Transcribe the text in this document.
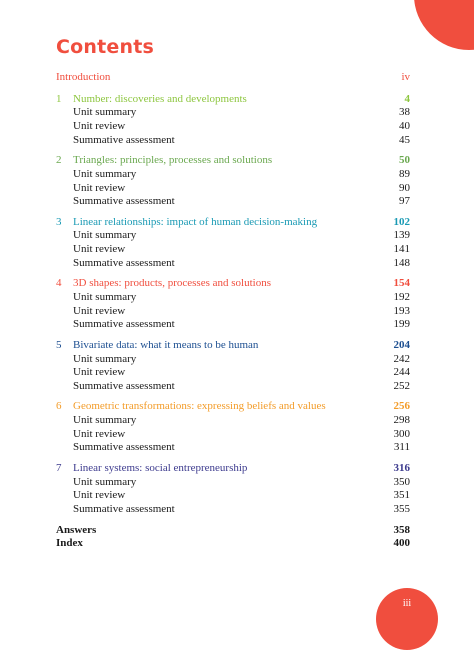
Contents
Introduction	iv
1	Number: discoveries and developments	4
Unit summary	38
Unit review	40
Summative assessment	45
2	Triangles: principles, processes and solutions	50
Unit summary	89
Unit review	90
Summative assessment	97
3	Linear relationships: impact of human decision-making	102
Unit summary	139
Unit review	141
Summative assessment	148
4	3D shapes: products, processes and solutions	154
Unit summary	192
Unit review	193
Summative assessment	199
5	Bivariate data: what it means to be human	204
Unit summary	242
Unit review	244
Summative assessment	252
6	Geometric transformations: expressing beliefs and values	256
Unit summary	298
Unit review	300
Summative assessment	311
7	Linear systems: social entrepreneurship	316
Unit summary	350
Unit review	351
Summative assessment	355
Answers	358
Index	400
iii
